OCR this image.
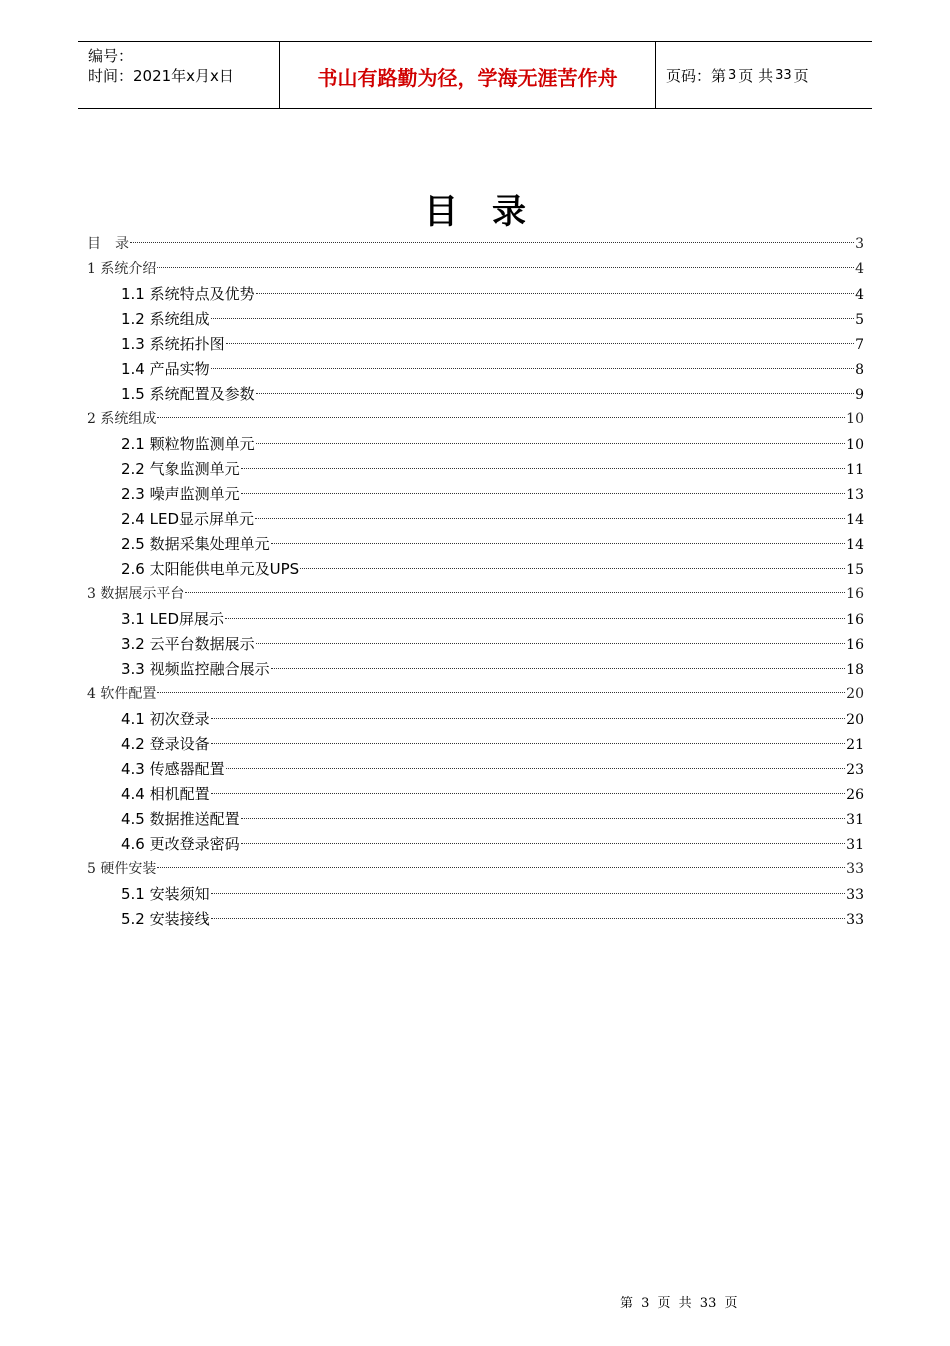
编号：
时间：2021年x月x日	书山有路勤为径，学海无涯苦作舟	页码：第 3 页 共 33 页
目录
目　录	3
1 系统介绍	4
1.1 系统特点及优势	4
1.2 系统组成	5
1.3 系统拓扑图	7
1.4 产品实物	8
1.5 系统配置及参数	9
2 系统组成	10
2.1 颗粒物监测单元	10
2.2 气象监测单元	11
2.3 噪声监测单元	13
2.4 LED显示屏单元	14
2.5 数据采集处理单元	14
2.6 太阳能供电单元及UPS	15
3 数据展示平台	16
3.1 LED屏展示	16
3.2 云平台数据展示	16
3.3 视频监控融合展示	18
4 软件配置	20
4.1 初次登录	20
4.2 登录设备	21
4.3 传感器配置	23
4.4 相机配置	26
4.5 数据推送配置	31
4.6 更改登录密码	31
5 硬件安装	33
5.1 安装须知	33
5.2 安装接线	33
第 3 页 共 33 页
